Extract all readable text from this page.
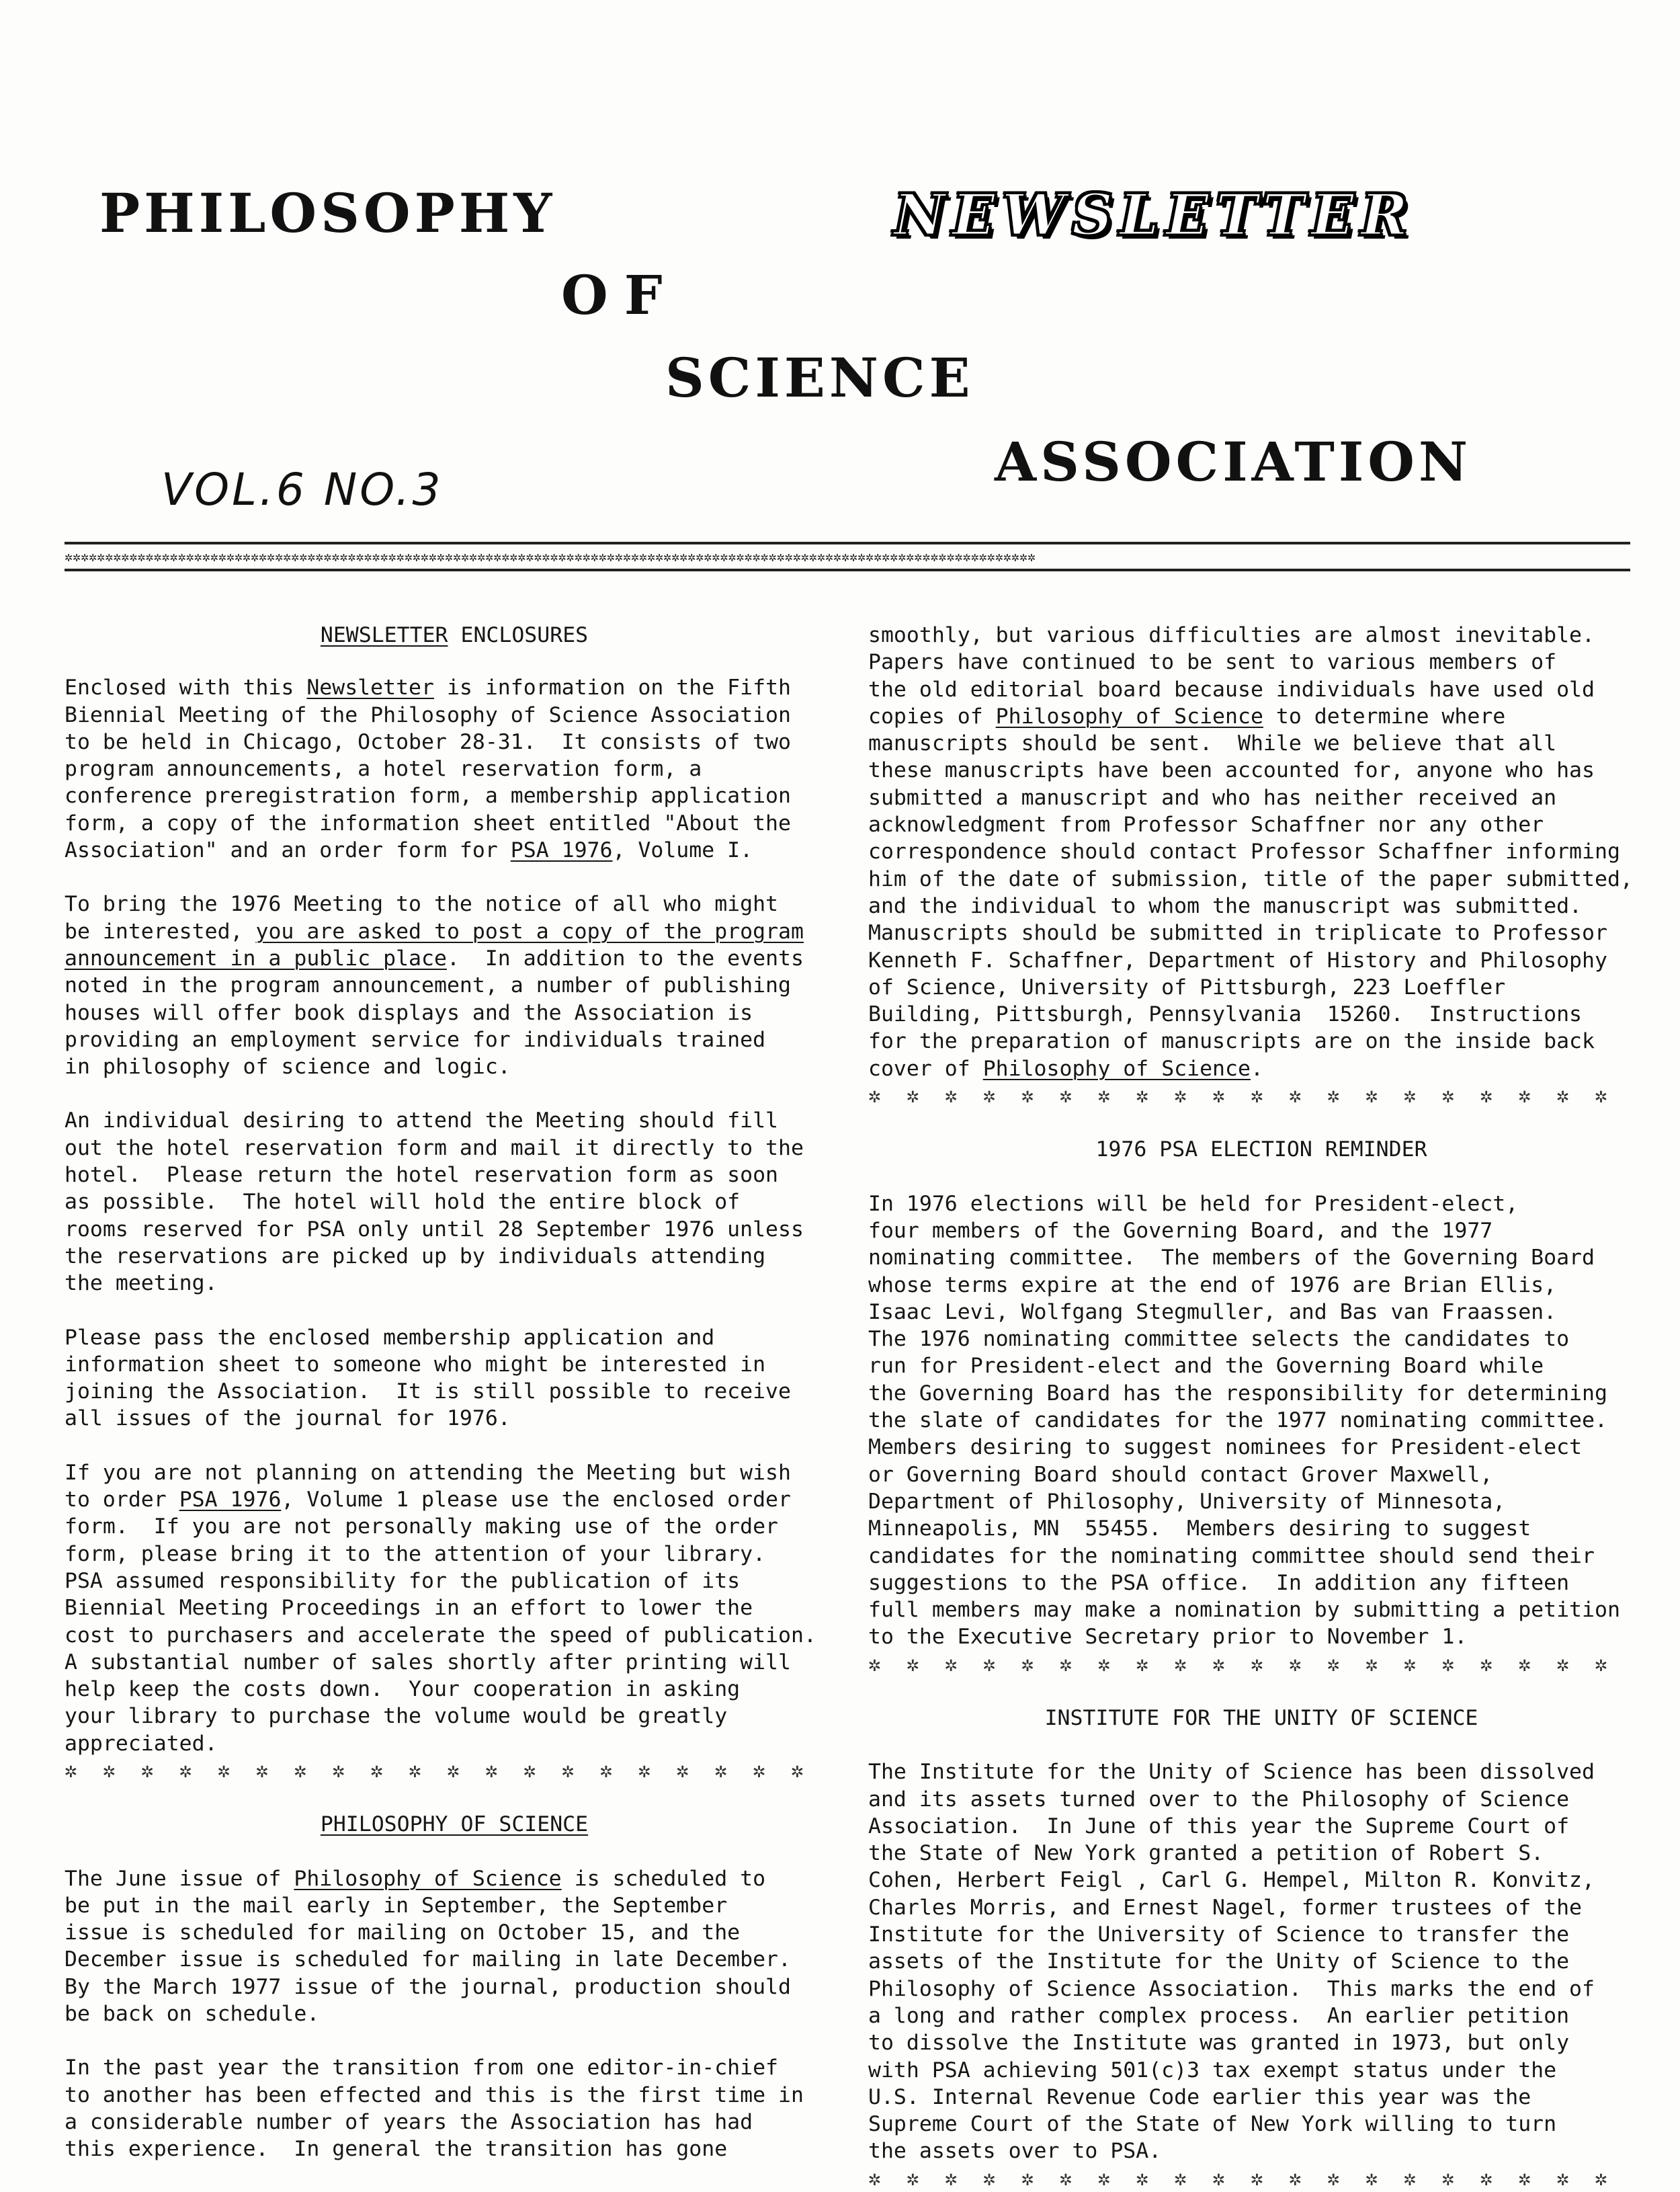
PHILOSOPHY
OF
SCIENCE
ASSOCIATION
NEWSLETTER
VOL.6 NO.3
✲✲✲✲✲✲✲✲✲✲✲✲✲✲✲✲✲✲✲✲✲✲✲✲✲✲✲✲✲✲✲✲✲✲✲✲✲✲✲✲✲✲✲✲✲✲✲✲✲✲✲✲✲✲✲✲✲✲✲✲✲✲✲✲✲✲✲✲✲✲✲✲✲✲✲✲✲✲✲✲✲✲✲✲✲✲✲✲✲✲✲✲✲✲✲✲✲✲✲✲✲✲✲✲✲✲✲✲✲✲✲✲✲✲✲✲✲✲✲✲

NEWSLETTER ENCLOSURES

Enclosed with this Newsletter is information on the Fifth
Biennial Meeting of the Philosophy of Science Association
to be held in Chicago, October 28-31.  It consists of two
program announcements, a hotel reservation form, a
conference preregistration form, a membership application
form, a copy of the information sheet entitled "About the
Association" and an order form for PSA 1976, Volume I.
To bring the 1976 Meeting to the notice of all who might
be interested, you are asked to post a copy of the program
announcement in a public place.  In addition to the events
noted in the program announcement, a number of publishing
houses will offer book displays and the Association is
providing an employment service for individuals trained
in philosophy of science and logic.
An individual desiring to attend the Meeting should fill
out the hotel reservation form and mail it directly to the
hotel.  Please return the hotel reservation form as soon
as possible.  The hotel will hold the entire block of
rooms reserved for PSA only until 28 September 1976 unless
the reservations are picked up by individuals attending
the meeting.
Please pass the enclosed membership application and
information sheet to someone who might be interested in
joining the Association.  It is still possible to receive
all issues of the journal for 1976.
If you are not planning on attending the Meeting but wish
to order PSA 1976, Volume 1 please use the enclosed order
form.  If you are not personally making use of the order
form, please bring it to the attention of your library.
PSA assumed responsibility for the publication of its
Biennial Meeting Proceedings in an effort to lower the
cost to purchasers and accelerate the speed of publication.
A substantial number of sales shortly after printing will
help keep the costs down.  Your cooperation in asking
your library to purchase the volume would be greatly
appreciated.

✲  ✲  ✲  ✲  ✲  ✲  ✲  ✲  ✲  ✲  ✲  ✲  ✲  ✲  ✲  ✲  ✲  ✲  ✲  ✲

PHILOSOPHY OF SCIENCE

The June issue of Philosophy of Science is scheduled to
be put in the mail early in September, the September
issue is scheduled for mailing on October 15, and the
December issue is scheduled for mailing in late December.
By the March 1977 issue of the journal, production should
be back on schedule.
In the past year the transition from one editor-in-chief
to another has been effected and this is the first time in
a considerable number of years the Association has had
this experience.  In general the transition has gone
smoothly, but various difficulties are almost inevitable.
Papers have continued to be sent to various members of
the old editorial board because individuals have used old
copies of Philosophy of Science to determine where
manuscripts should be sent.  While we believe that all
these manuscripts have been accounted for, anyone who has
submitted a manuscript and who has neither received an
acknowledgment from Professor Schaffner nor any other
correspondence should contact Professor Schaffner informing
him of the date of submission, title of the paper submitted,
and the individual to whom the manuscript was submitted.
Manuscripts should be submitted in triplicate to Professor
Kenneth F. Schaffner, Department of History and Philosophy
of Science, University of Pittsburgh, 223 Loeffler
Building, Pittsburgh, Pennsylvania  15260.  Instructions
for the preparation of manuscripts are on the inside back
cover of Philosophy of Science.

✲  ✲  ✲  ✲  ✲  ✲  ✲  ✲  ✲  ✲  ✲  ✲  ✲  ✲  ✲  ✲  ✲  ✲  ✲  ✲

1976 PSA ELECTION REMINDER

In 1976 elections will be held for President-elect,
four members of the Governing Board, and the 1977
nominating committee.  The members of the Governing Board
whose terms expire at the end of 1976 are Brian Ellis,
Isaac Levi, Wolfgang Stegmuller, and Bas van Fraassen.
The 1976 nominating committee selects the candidates to
run for President-elect and the Governing Board while
the Governing Board has the responsibility for determining
the slate of candidates for the 1977 nominating committee.
Members desiring to suggest nominees for President-elect
or Governing Board should contact Grover Maxwell,
Department of Philosophy, University of Minnesota,
Minneapolis, MN  55455.  Members desiring to suggest
candidates for the nominating committee should send their
suggestions to the PSA office.  In addition any fifteen
full members may make a nomination by submitting a petition
to the Executive Secretary prior to November 1.

✲  ✲  ✲  ✲  ✲  ✲  ✲  ✲  ✲  ✲  ✲  ✲  ✲  ✲  ✲  ✲  ✲  ✲  ✲  ✲

INSTITUTE FOR THE UNITY OF SCIENCE

The Institute for the Unity of Science has been dissolved
and its assets turned over to the Philosophy of Science
Association.  In June of this year the Supreme Court of
the State of New York granted a petition of Robert S.
Cohen, Herbert Feigl , Carl G. Hempel, Milton R. Konvitz,
Charles Morris, and Ernest Nagel, former trustees of the
Institute for the University of Science to transfer the
assets of the Institute for the Unity of Science to the
Philosophy of Science Association.  This marks the end of
a long and rather complex process.  An earlier petition
to dissolve the Institute was granted in 1973, but only
with PSA achieving 501(c)3 tax exempt status under the
U.S. Internal Revenue Code earlier this year was the
Supreme Court of the State of New York willing to turn
the assets over to PSA.

✲  ✲  ✲  ✲  ✲  ✲  ✲  ✲  ✲  ✲  ✲  ✲  ✲  ✲  ✲  ✲  ✲  ✲  ✲  ✲
